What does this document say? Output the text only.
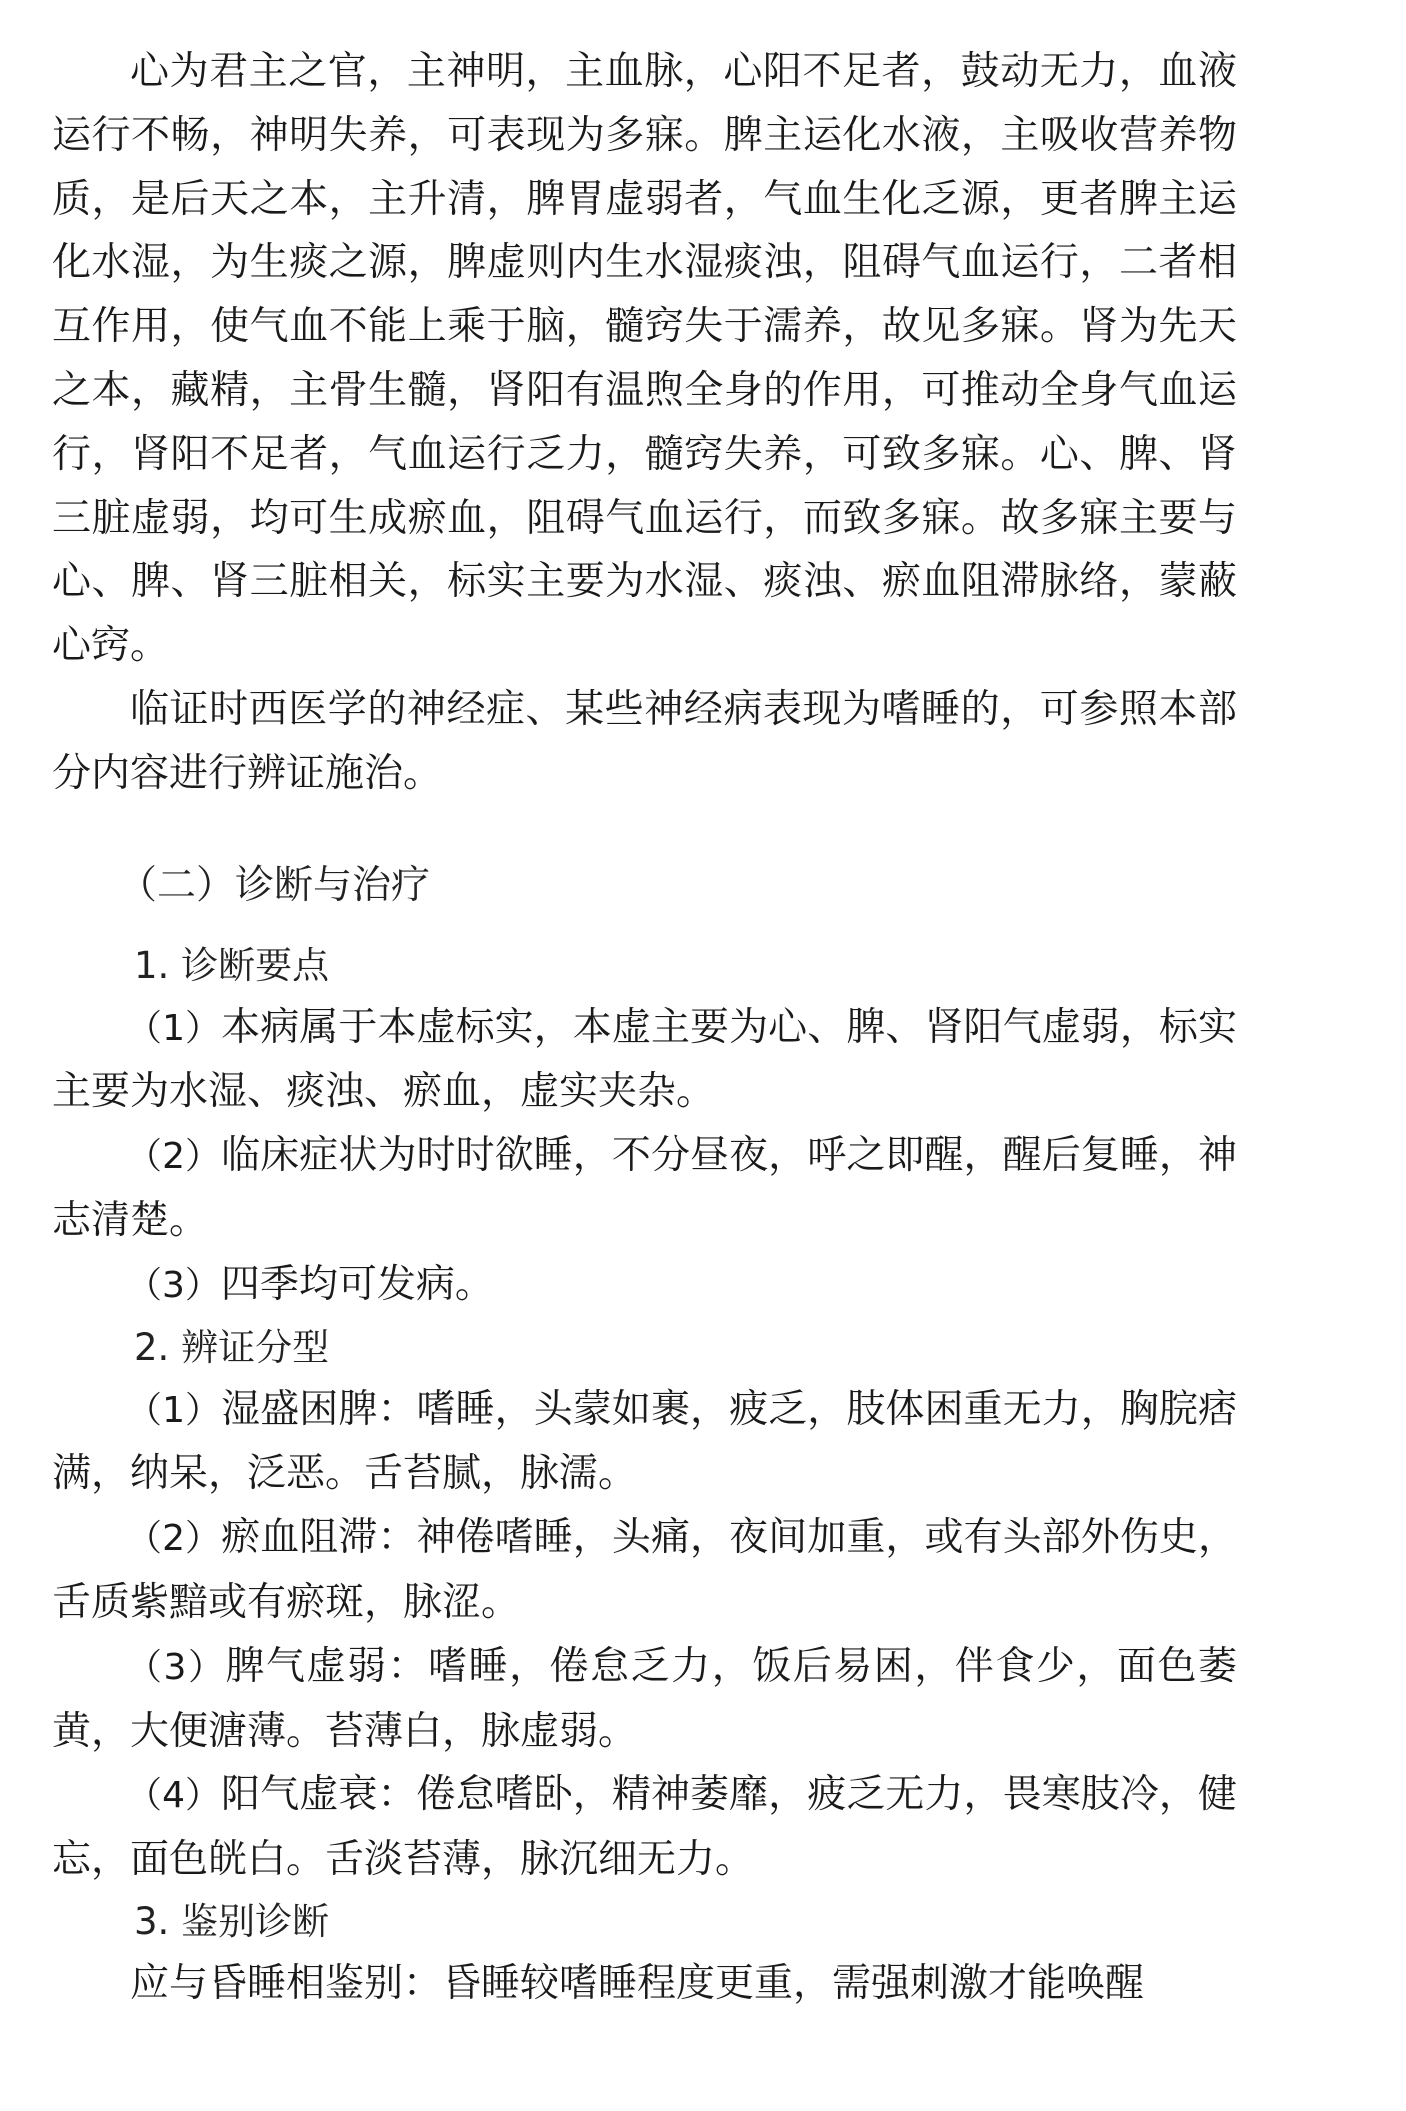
心为君主之官，主神明，主血脉，心阳不足者，鼓动无力，血液运行不畅，神明失养，可表现为多寐。脾主运化水液，主吸收营养物质，是后天之本，主升清，脾胃虚弱者，气血生化乏源，更者脾主运化水湿，为生痰之源，脾虚则内生水湿痰浊，阻碍气血运行，二者相互作用，使气血不能上乘于脑，髓窍失于濡养，故见多寐。肾为先天之本，藏精，主骨生髓，肾阳有温煦全身的作用，可推动全身气血运行，肾阳不足者，气血运行乏力，髓窍失养，可致多寐。心、脾、肾三脏虚弱，均可生成瘀血，阻碍气血运行，而致多寐。故多寐主要与心、脾、肾三脏相关，标实主要为水湿、痰浊、瘀血阻滞脉络，蒙蔽心窍。

临证时西医学的神经症、某些神经病表现为嗜睡的，可参照本部分内容进行辨证施治。

（二）诊断与治疗
1. 诊断要点

（1）本病属于本虚标实，本虚主要为心、脾、肾阳气虚弱，标实主要为水湿、痰浊、瘀血，虚实夹杂。

（2）临床症状为时时欲睡，不分昼夜，呼之即醒，醒后复睡，神志清楚。

（3）四季均可发病。

2. 辨证分型

（1）湿盛困脾：嗜睡，头蒙如裹，疲乏，肢体困重无力，胸脘痞满，纳呆，泛恶。舌苔腻，脉濡。

（2）瘀血阻滞：神倦嗜睡，头痛，夜间加重，或有头部外伤史，舌质紫黯或有瘀斑，脉涩。

（3）脾气虚弱：嗜睡，倦怠乏力，饭后易困，伴食少，面色萎黄，大便溏薄。苔薄白，脉虚弱。

（4）阳气虚衰：倦怠嗜卧，精神萎靡，疲乏无力，畏寒肢冷，健忘，面色㿠白。舌淡苔薄，脉沉细无力。

3. 鉴别诊断

应与昏睡相鉴别：昏睡较嗜睡程度更重，需强刺激才能唤醒
